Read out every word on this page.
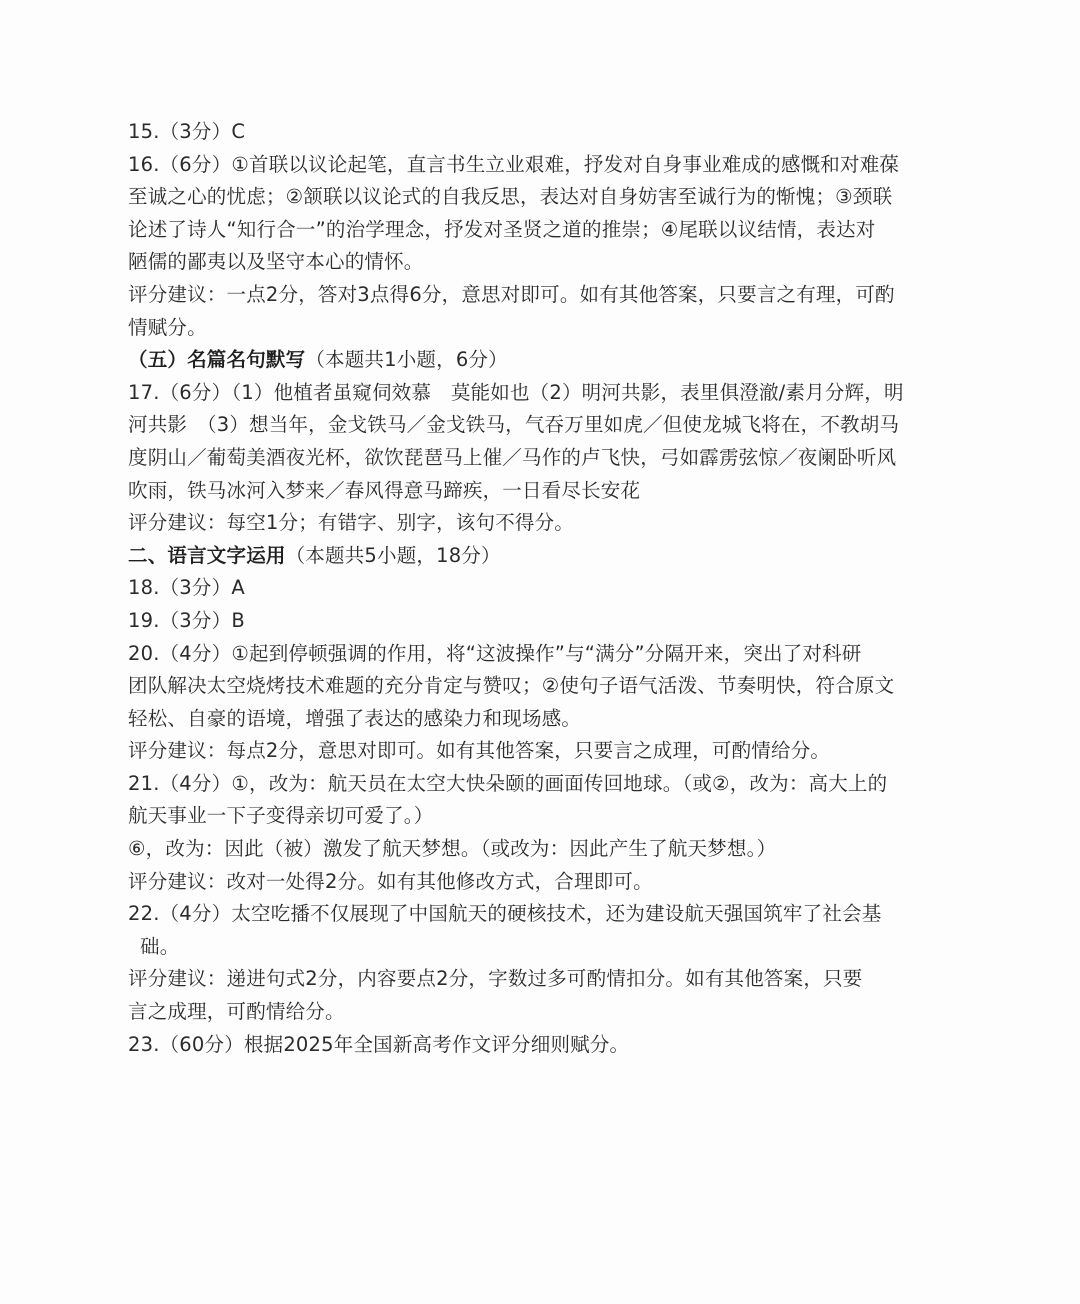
15.（3分）C
16.（6分）①首联以议论起笔，直言书生立业艰难，抒发对自身事业难成的感慨和对难葆
至诚之心的忧虑；②颔联以议论式的自我反思，表达对自身妨害至诚行为的惭愧；③颈联
论述了诗人“知行合一”的治学理念，抒发对圣贤之道的推崇；④尾联以议结情，表达对
陋儒的鄙夷以及坚守本心的情怀。
评分建议：一点2分，答对3点得6分，意思对即可。如有其他答案，只要言之有理，可酌
情赋分。
（五）名篇名句默写（本题共1小题，6分）
17.（6分）（1）他植者虽窥伺效慕　莫能如也（2）明河共影，表里俱澄澈/素月分辉，明
河共影　（3）想当年，金戈铁马／金戈铁马，气吞万里如虎／但使龙城飞将在，不教胡马
度阴山／葡萄美酒夜光杯，欲饮琵琶马上催／马作的卢飞快，弓如霹雳弦惊／夜阑卧听风
吹雨，铁马冰河入梦来／春风得意马蹄疾，一日看尽长安花
评分建议：每空1分；有错字、别字，该句不得分。
二、语言文字运用（本题共5小题，18分）
18.（3分）A
19.（3分）B
20.（4分）①起到停顿强调的作用，将“这波操作”与“满分”分隔开来，突出了对科研
团队解决太空烧烤技术难题的充分肯定与赞叹；②使句子语气活泼、节奏明快，符合原文
轻松、自豪的语境，增强了表达的感染力和现场感。
评分建议：每点2分，意思对即可。如有其他答案，只要言之成理，可酌情给分。
21.（4分）①，改为：航天员在太空大快朵颐的画面传回地球。（或②，改为：高大上的
航天事业一下子变得亲切可爱了。）
⑥，改为：因此（被）激发了航天梦想。（或改为：因此产生了航天梦想。）
评分建议：改对一处得2分。如有其他修改方式，合理即可。
22.（4分）太空吃播不仅展现了中国航天的硬核技术，还为建设航天强国筑牢了社会基
础。
评分建议：递进句式2分，内容要点2分，字数过多可酌情扣分。如有其他答案，只要
言之成理，可酌情给分。
23.（60分）根据2025年全国新高考作文评分细则赋分。
